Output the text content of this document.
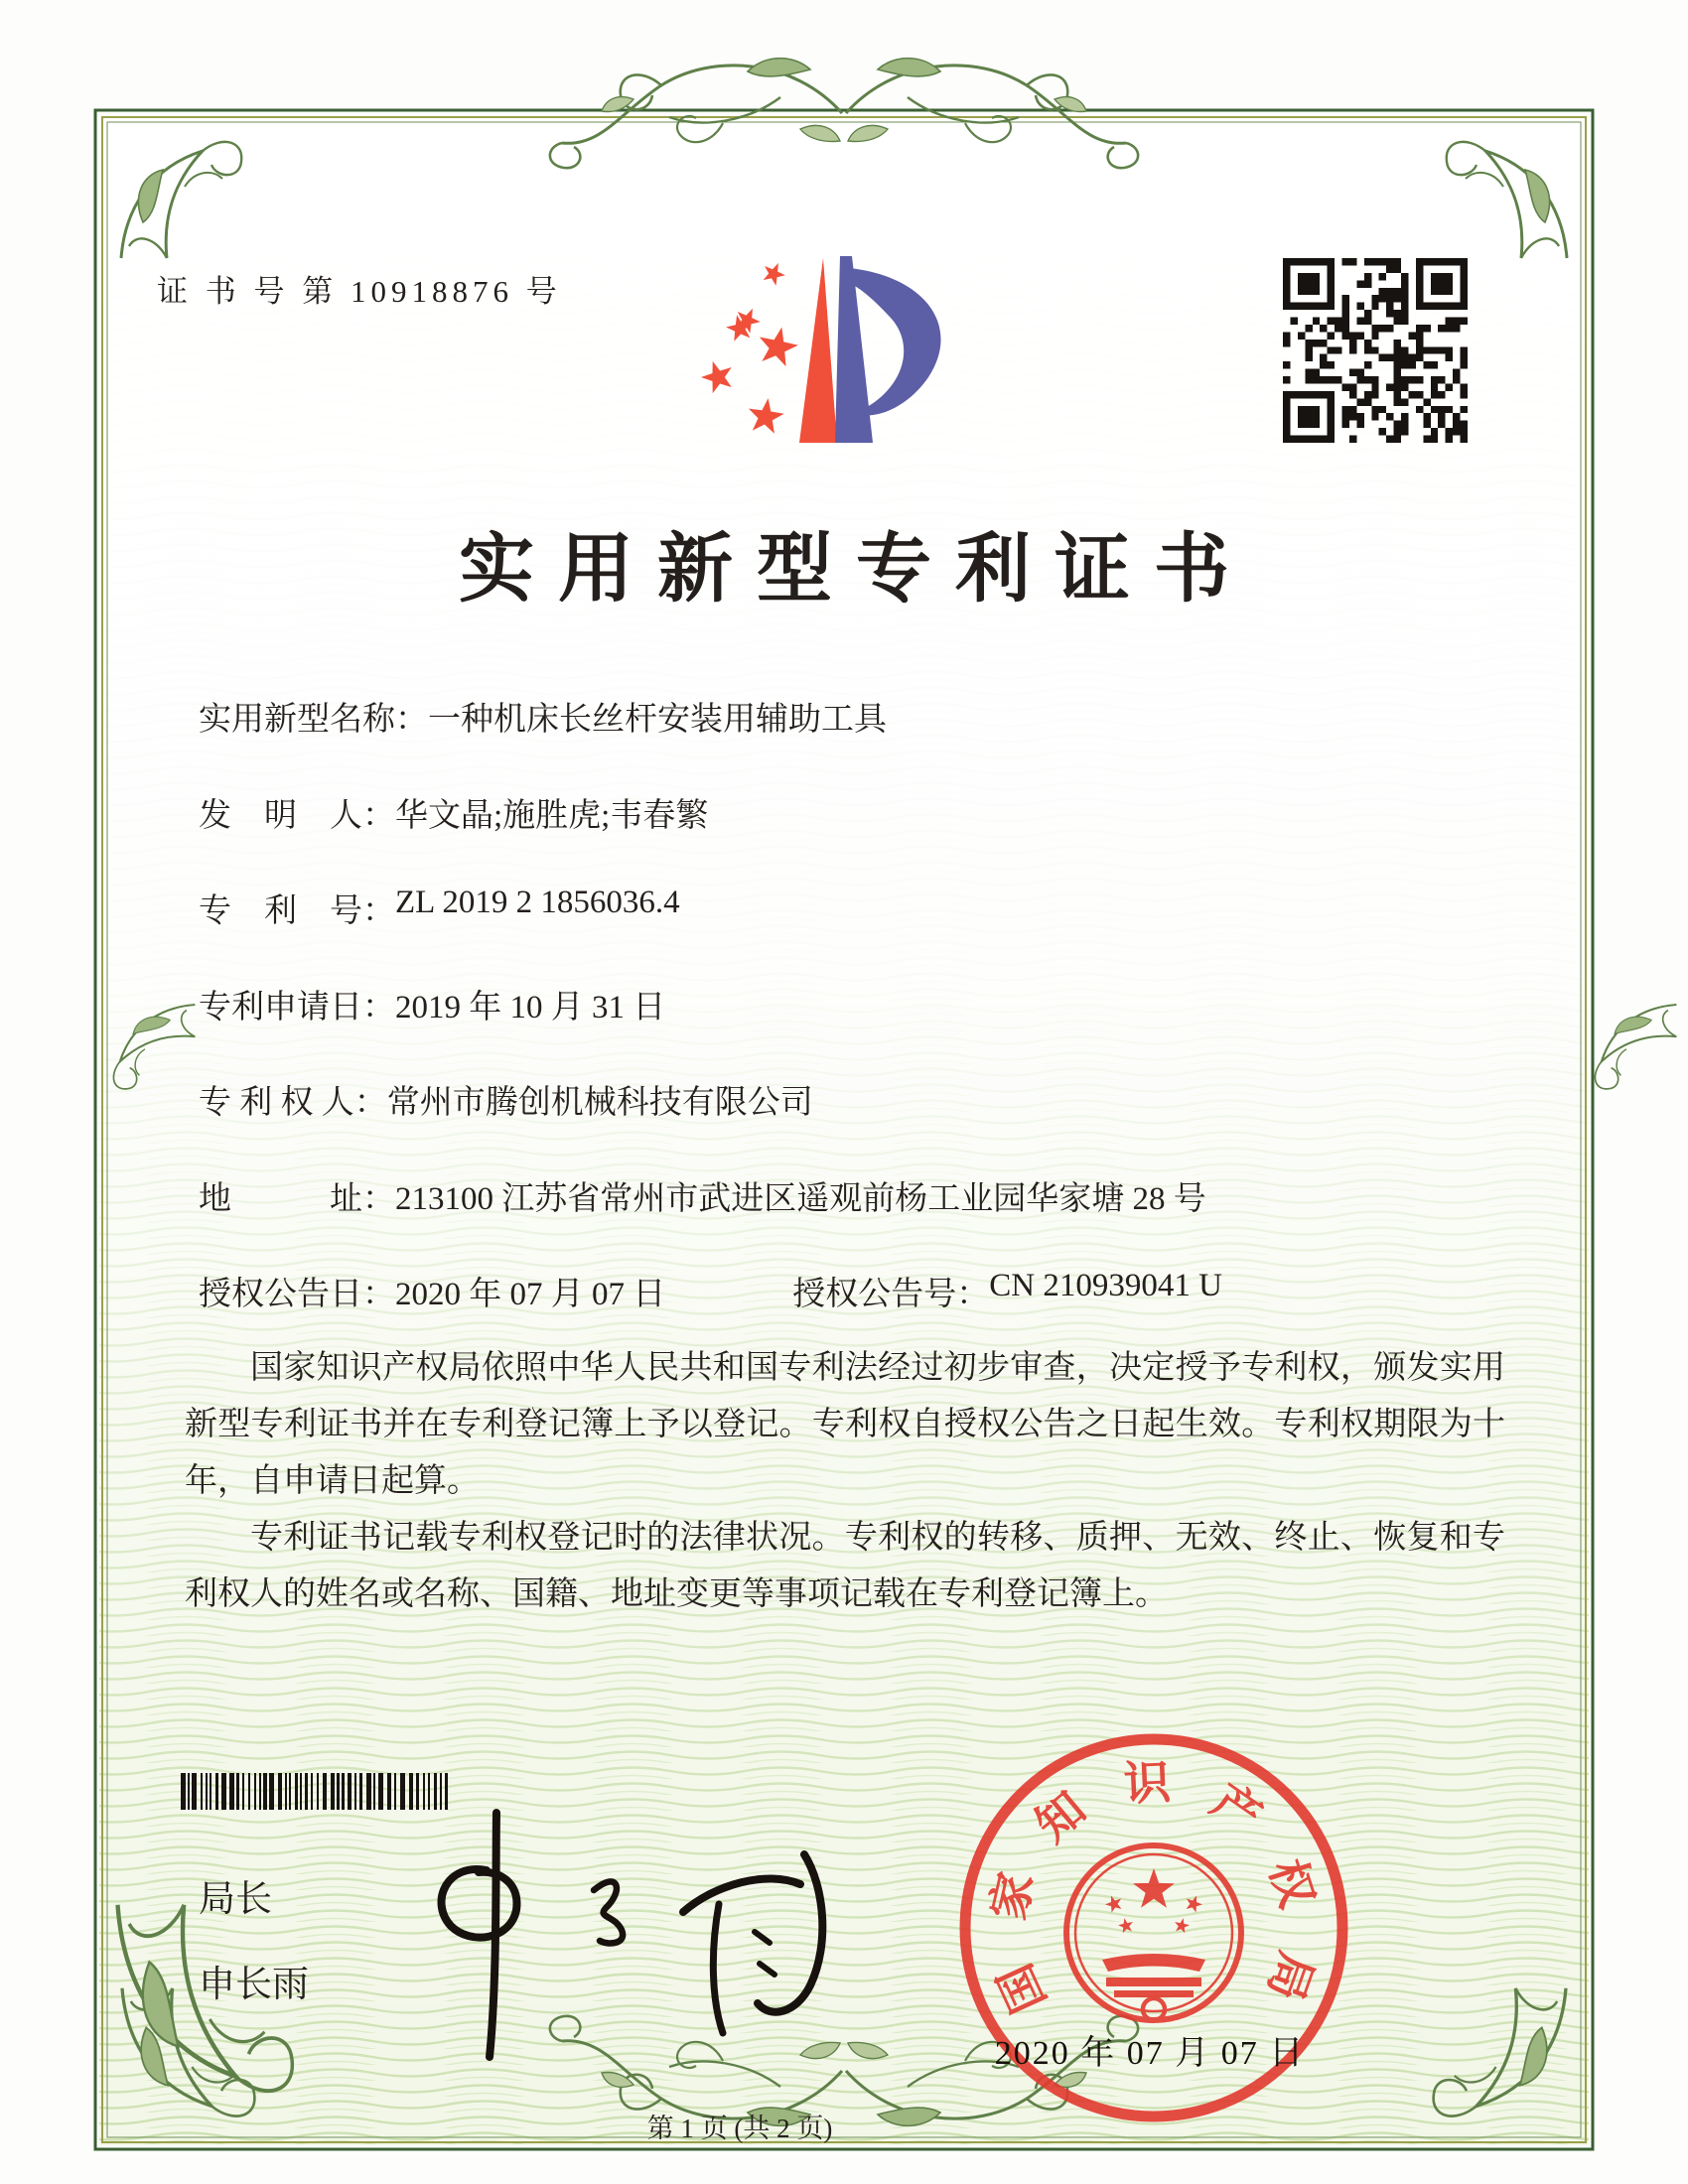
证 书 号 第 10918876 号
实用新型专利证书
实用新型名称： 一种机床长丝杆安装用辅助工具
发　明　人： 华文晶;施胜虎;韦春繁
专　利　号： ZL 2019 2 1856036.4
专利申请日： 2019 年 10 月 31 日
专 利 权 人： 常州市腾创机械科技有限公司
地　　　址： 213100 江苏省常州市武进区遥观前杨工业园华家塘 28 号
授权公告日： 2020 年 07 月 07 日	授权公告号： CN 210939041 U

国家知识产权局依照中华人民共和国专利法经过初步审查，决定授予专利权，颁发实用新型专利证书并在专利登记簿上予以登记。专利权自授权公告之日起生效。专利权期限为十年，自申请日起算。

专利证书记载专利权登记时的法律状况。专利权的转移、质押、无效、终止、恢复和专利权人的姓名或名称、国籍、地址变更等事项记载在专利登记簿上。

局长
申长雨	国家知识产权局
2020 年 07 月 07 日
第 1 页 (共 2 页)
